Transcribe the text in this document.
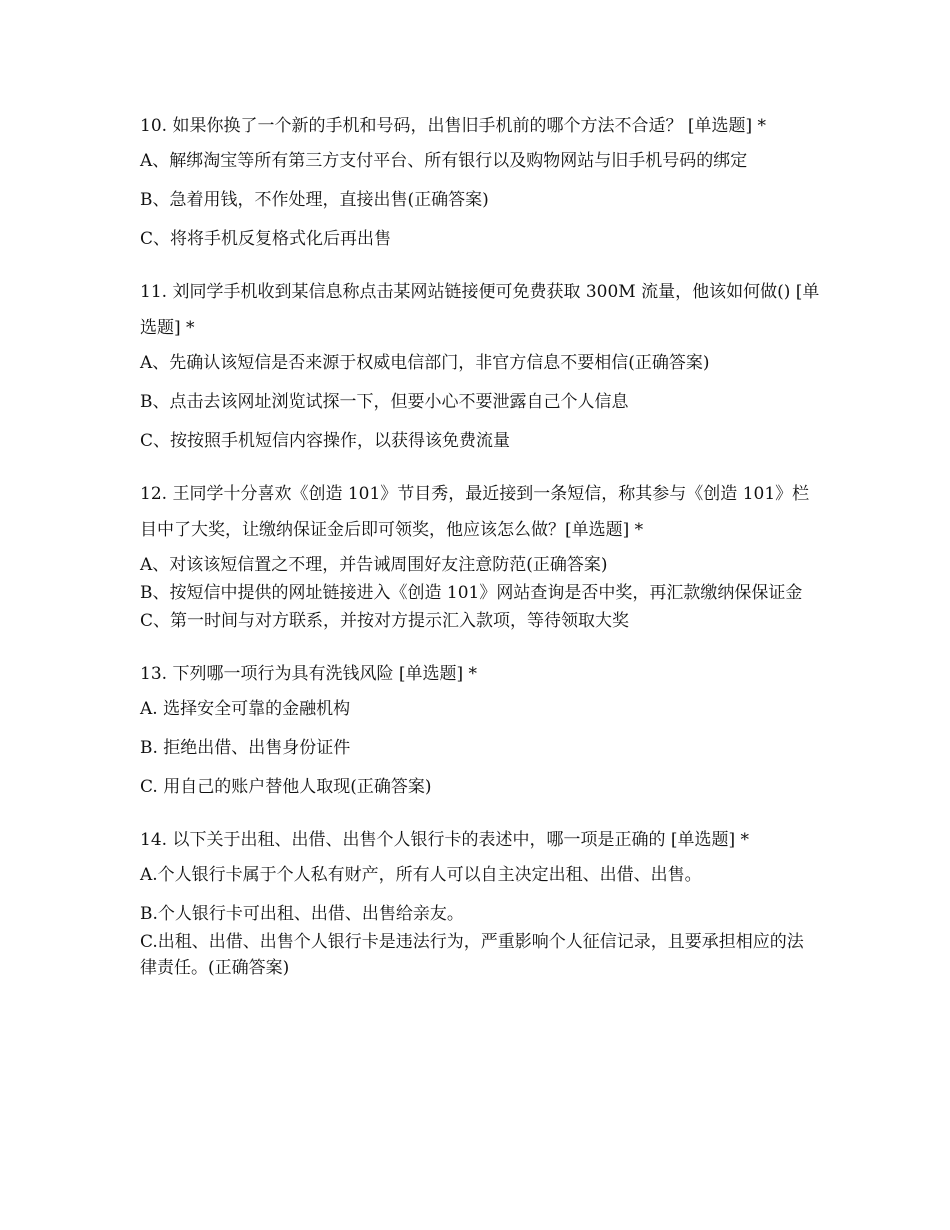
10. 如果你换了一个新的手机和号码，出售旧手机前的哪个方法不合适？ [单选题] *

A、解绑淘宝等所有第三方支付平台、所有银行以及购物网站与旧手机号码的绑定

B、急着用钱，不作处理，直接出售(正确答案)

C、将将手机反复格式化后再出售

11. 刘同学手机收到某信息称点击某网站链接便可免费获取 300M 流量，他该如何做() [单选题] *

A、先确认该短信是否来源于权威电信部门，非官方信息不要相信(正确答案)

B、点击去该网址浏览试探一下，但要小心不要泄露自己个人信息

C、按按照手机短信内容操作，以获得该免费流量

12. 王同学十分喜欢《创造 101》节目秀，最近接到一条短信，称其参与《创造 101》栏目中了大奖，让缴纳保证金后即可领奖，他应该怎么做？[单选题] *

A、对该该短信置之不理，并告诫周围好友注意防范(正确答案)

B、按短信中提供的网址链接进入《创造 101》网站查询是否中奖，再汇款缴纳保保证金

C、第一时间与对方联系，并按对方提示汇入款项，等待领取大奖

13. 下列哪一项行为具有洗钱风险 [单选题] *

A. 选择安全可靠的金融机构

B. 拒绝出借、出售身份证件

C. 用自己的账户替他人取现(正确答案)

14. 以下关于出租、出借、出售个人银行卡的表述中，哪一项是正确的 [单选题] *

A.个人银行卡属于个人私有财产，所有人可以自主决定出租、出借、出售。

B.个人银行卡可出租、出借、出售给亲友。

C.出租、出借、出售个人银行卡是违法行为，严重影响个人征信记录，且要承担相应的法律责任。(正确答案)
